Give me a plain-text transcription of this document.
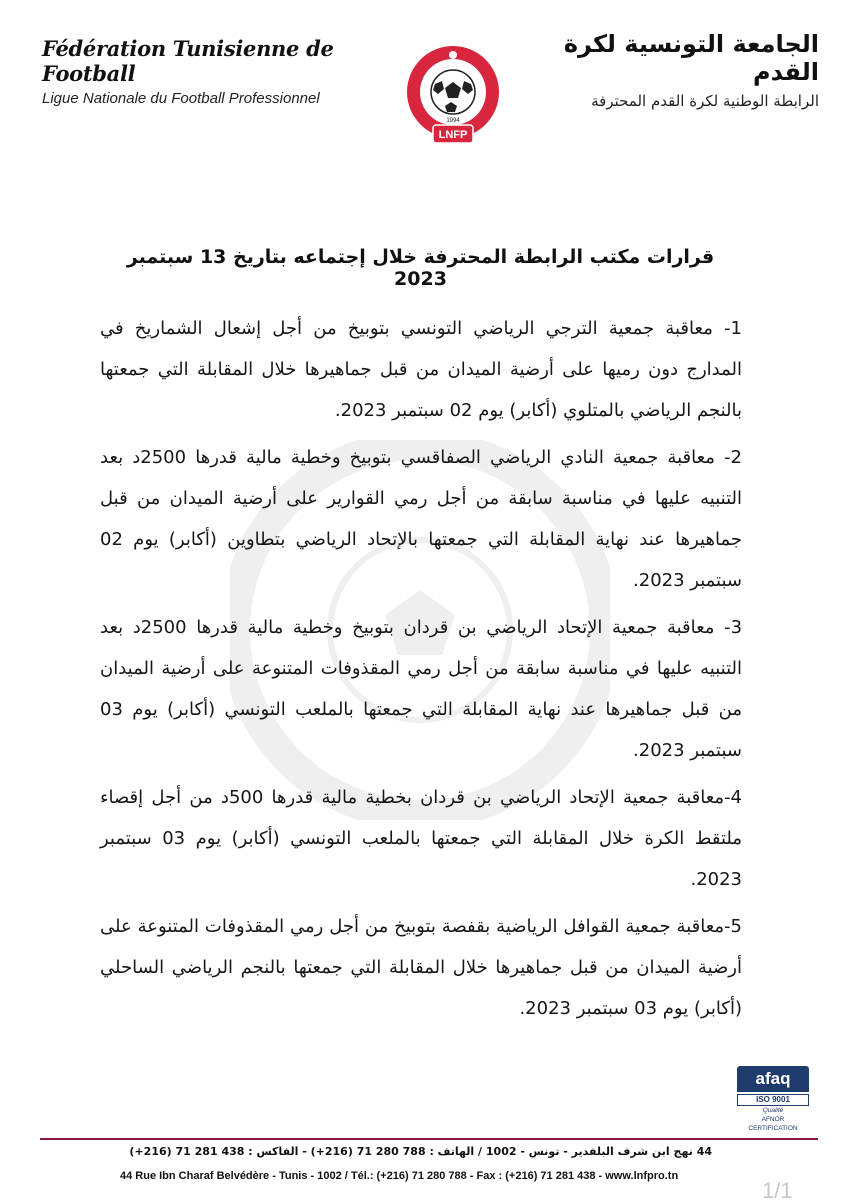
Fédération Tunisienne de Football
Ligue Nationale du Football Professionnel
LNFP
1994
الجامعة التونسية لكرة القدم
الرابطة الوطنية لكرة القدم المحترفة
قرارات مكتب الرابطة المحترفة خلال إجتماعه بتاريخ 13 سبتمبر 2023

1- معاقبة جمعية الترجي الرياضي التونسي بتوبيخ من أجل إشعال الشماريخ في المدارج دون رميها على أرضية الميدان من قبل جماهيرها خلال المقابلة التي جمعتها بالنجم الرياضي بالمتلوي (أكابر) يوم 02 سبتمبر 2023.

2- معاقبة جمعية النادي الرياضي الصفاقسي بتوبيخ وخطية مالية قدرها 2500د بعد التنبيه عليها في مناسبة سابقة من أجل رمي القوارير على أرضية الميدان من قبل جماهيرها عند نهاية المقابلة التي جمعتها بالإتحاد الرياضي بتطاوين (أكابر) يوم 02 سبتمبر 2023.

3- معاقبة جمعية الإتحاد الرياضي بن قردان بتوبيخ وخطية مالية قدرها 2500د بعد التنبيه عليها في مناسبة سابقة من أجل رمي المقذوفات المتنوعة على أرضية الميدان من قبل جماهيرها عند نهاية المقابلة التي جمعتها بالملعب التونسي (أكابر) يوم 03 سبتمبر 2023.

4-معاقبة جمعية الإتحاد الرياضي بن قردان بخطية مالية قدرها 500د من أجل إقصاء ملتقط الكرة خلال المقابلة التي جمعتها بالملعب التونسي (أكابر) يوم 03 سبتمبر 2023.

5-معاقبة جمعية القوافل الرياضية بقفصة بتوبيخ من أجل رمي المقذوفات المتنوعة على أرضية الميدان من قبل جماهيرها خلال المقابلة التي جمعتها بالنجم الرياضي الساحلي (أكابر) يوم 03 سبتمبر 2023.

afaq
ISO 9001
Qualité
AFNOR CERTIFICATION
44 نهج ابن شرف البلفدير - تونس - 1002 / الهاتف : 788 280 71 (216+) - الفاكس : 438 281 71 (216+)
44 Rue Ibn Charaf Belvédère - Tunis - 1002 / Tél.: (+216) 71 280 788 - Fax : (+216) 71 281 438 - www.lnfpro.tn
1/1
